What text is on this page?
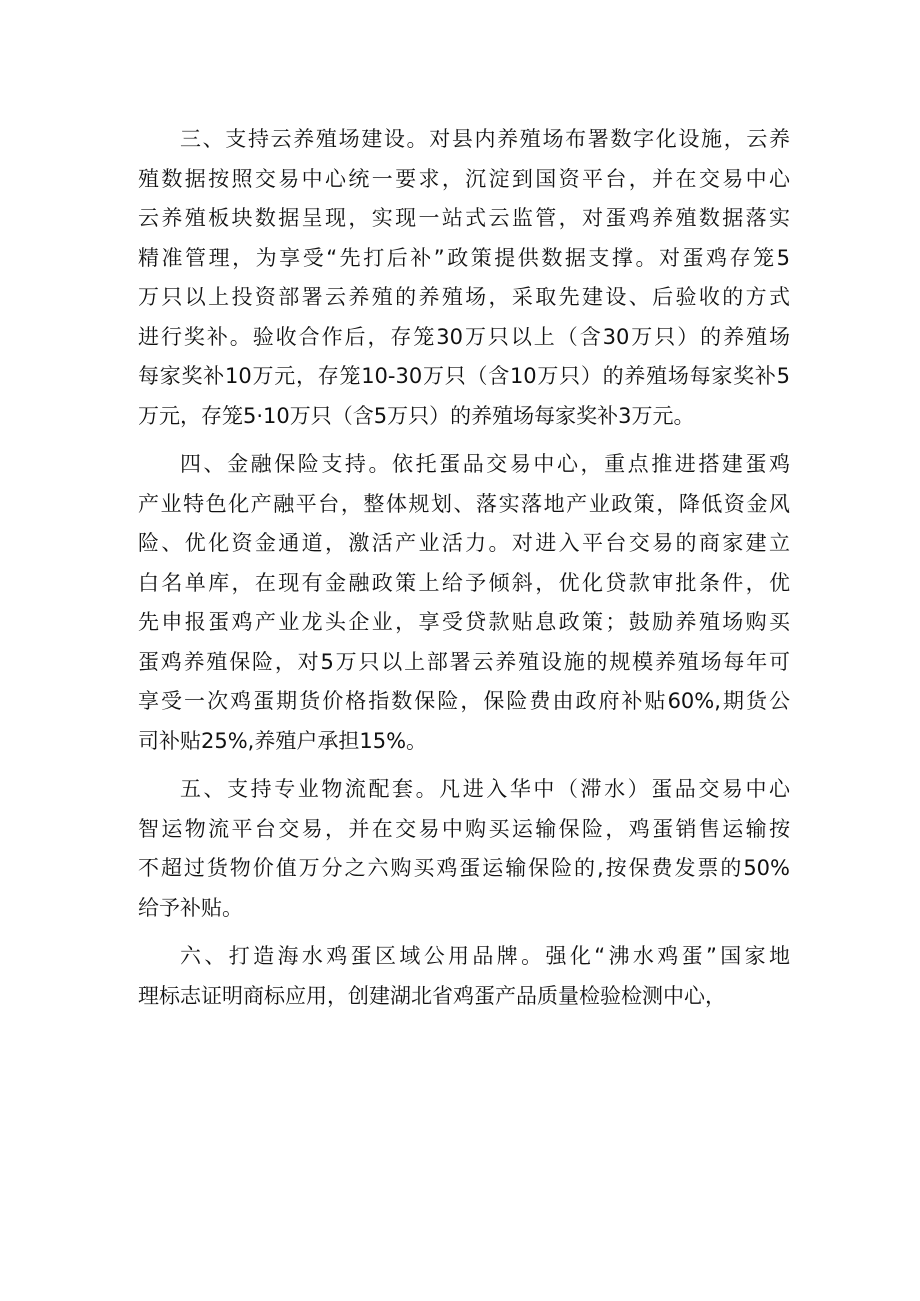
三、支持云养殖场建设。对县内养殖场布署数字化设施，云养
殖数据按照交易中心统一要求，沉淀到国资平台，并在交易中心
云养殖板块数据呈现，实现一站式云监管，对蛋鸡养殖数据落实
精准管理，为享受“先打后补”政策提供数据支撑。对蛋鸡存笼5
万只以上投资部署云养殖的养殖场，采取先建设、后验收的方式
进行奖补。验收合作后，存笼30万只以上（含30万只）的养殖场
每家奖补10万元，存笼10-30万只（含10万只）的养殖场每家奖补5
万元，存笼5·10万只（含5万只）的养殖场每家奖补3万元。
四、金融保险支持。依托蛋品交易中心，重点推进搭建蛋鸡
产业特色化产融平台，整体规划、落实落地产业政策，降低资金风
险、优化资金通道，激活产业活力。对进入平台交易的商家建立
白名单库，在现有金融政策上给予倾斜，优化贷款审批条件，优
先申报蛋鸡产业龙头企业，享受贷款贴息政策；鼓励养殖场购买
蛋鸡养殖保险，对5万只以上部署云养殖设施的规模养殖场每年可
享受一次鸡蛋期货价格指数保险，保险费由政府补贴60%,期货公
司补贴25%,养殖户承担15%。
五、支持专业物流配套。凡进入华中（滞水）蛋品交易中心
智运物流平台交易，并在交易中购买运输保险，鸡蛋销售运输按
不超过货物价值万分之六购买鸡蛋运输保险的,按保费发票的50%
给予补贴。
六、打造海水鸡蛋区域公用品牌。强化“沸水鸡蛋”国家地
理标志证明商标应用，创建湖北省鸡蛋产品质量检验检测中心，
